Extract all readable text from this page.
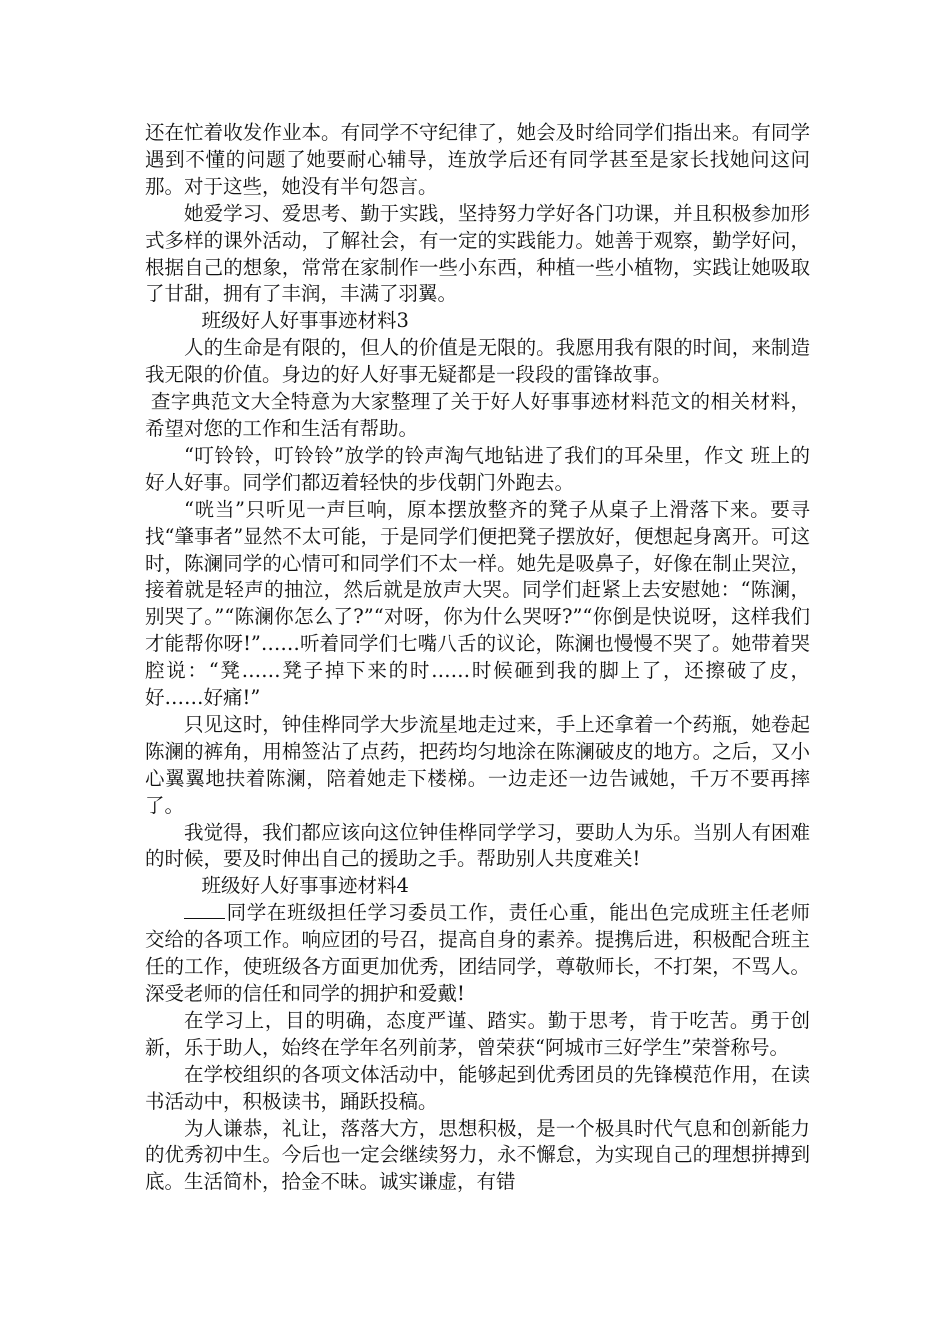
还在忙着收发作业本。有同学不守纪律了，她会及时给同学们指出来。有同学遇到不懂的问题了她要耐心辅导，连放学后还有同学甚至是家长找她问这问那。对于这些，她没有半句怨言。

她爱学习、爱思考、勤于实践，坚持努力学好各门功课，并且积极参加形式多样的课外活动，了解社会，有一定的实践能力。她善于观察，勤学好问，根据自己的想象，常常在家制作一些小东西，种植一些小植物，实践让她吸取了甘甜，拥有了丰润，丰满了羽翼。

班级好人好事事迹材料3

人的生命是有限的，但人的价值是无限的。我愿用我有限的时间，来制造我无限的价值。身边的好人好事无疑都是一段段的雷锋故事。

查字典范文大全特意为大家整理了关于好人好事事迹材料范文的相关材料，希望对您的工作和生活有帮助。

“叮铃铃，叮铃铃”放学的铃声淘气地钻进了我们的耳朵里，作文 班上的好人好事。同学们都迈着轻快的步伐朝门外跑去。

“咣当”只听见一声巨响，原本摆放整齐的凳子从桌子上滑落下来。要寻找“肇事者”显然不太可能，于是同学们便把凳子摆放好，便想起身离开。可这时，陈澜同学的心情可和同学们不太一样。她先是吸鼻子，好像在制止哭泣，接着就是轻声的抽泣，然后就是放声大哭。同学们赶紧上去安慰她：“陈澜，别哭了。”“陈澜你怎么了?”“对呀，你为什么哭呀?”“你倒是快说呀，这样我们才能帮你呀!”……听着同学们七嘴八舌的议论，陈澜也慢慢不哭了。她带着哭腔说：“凳……凳子掉下来的时……时候砸到我的脚上了，还擦破了皮，好……好痛!”

只见这时，钟佳桦同学大步流星地走过来，手上还拿着一个药瓶，她卷起陈澜的裤角，用棉签沾了点药，把药均匀地涂在陈澜破皮的地方。之后，又小心翼翼地扶着陈澜，陪着她走下楼梯。一边走还一边告诫她，千万不要再摔了。

我觉得，我们都应该向这位钟佳桦同学学习，要助人为乐。当别人有困难的时候，要及时伸出自己的援助之手。帮助别人共度难关!

班级好人好事事迹材料4

同学在班级担任学习委员工作，责任心重，能出色完成班主任老师交给的各项工作。响应团的号召，提高自身的素养。提携后进，积极配合班主任的工作，使班级各方面更加优秀，团结同学，尊敬师长，不打架，不骂人。深受老师的信任和同学的拥护和爱戴!

在学习上，目的明确，态度严谨、踏实。勤于思考，肯于吃苦。勇于创新，乐于助人，始终在学年名列前茅，曾荣获“阿城市三好学生”荣誉称号。

在学校组织的各项文体活动中，能够起到优秀团员的先锋模范作用，在读书活动中，积极读书，踊跃投稿。

为人谦恭，礼让，落落大方，思想积极，是一个极具时代气息和创新能力的优秀初中生。今后也一定会继续努力，永不懈怠，为实现自己的理想拼搏到底。生活简朴，拾金不昧。诚实谦虚，有错
